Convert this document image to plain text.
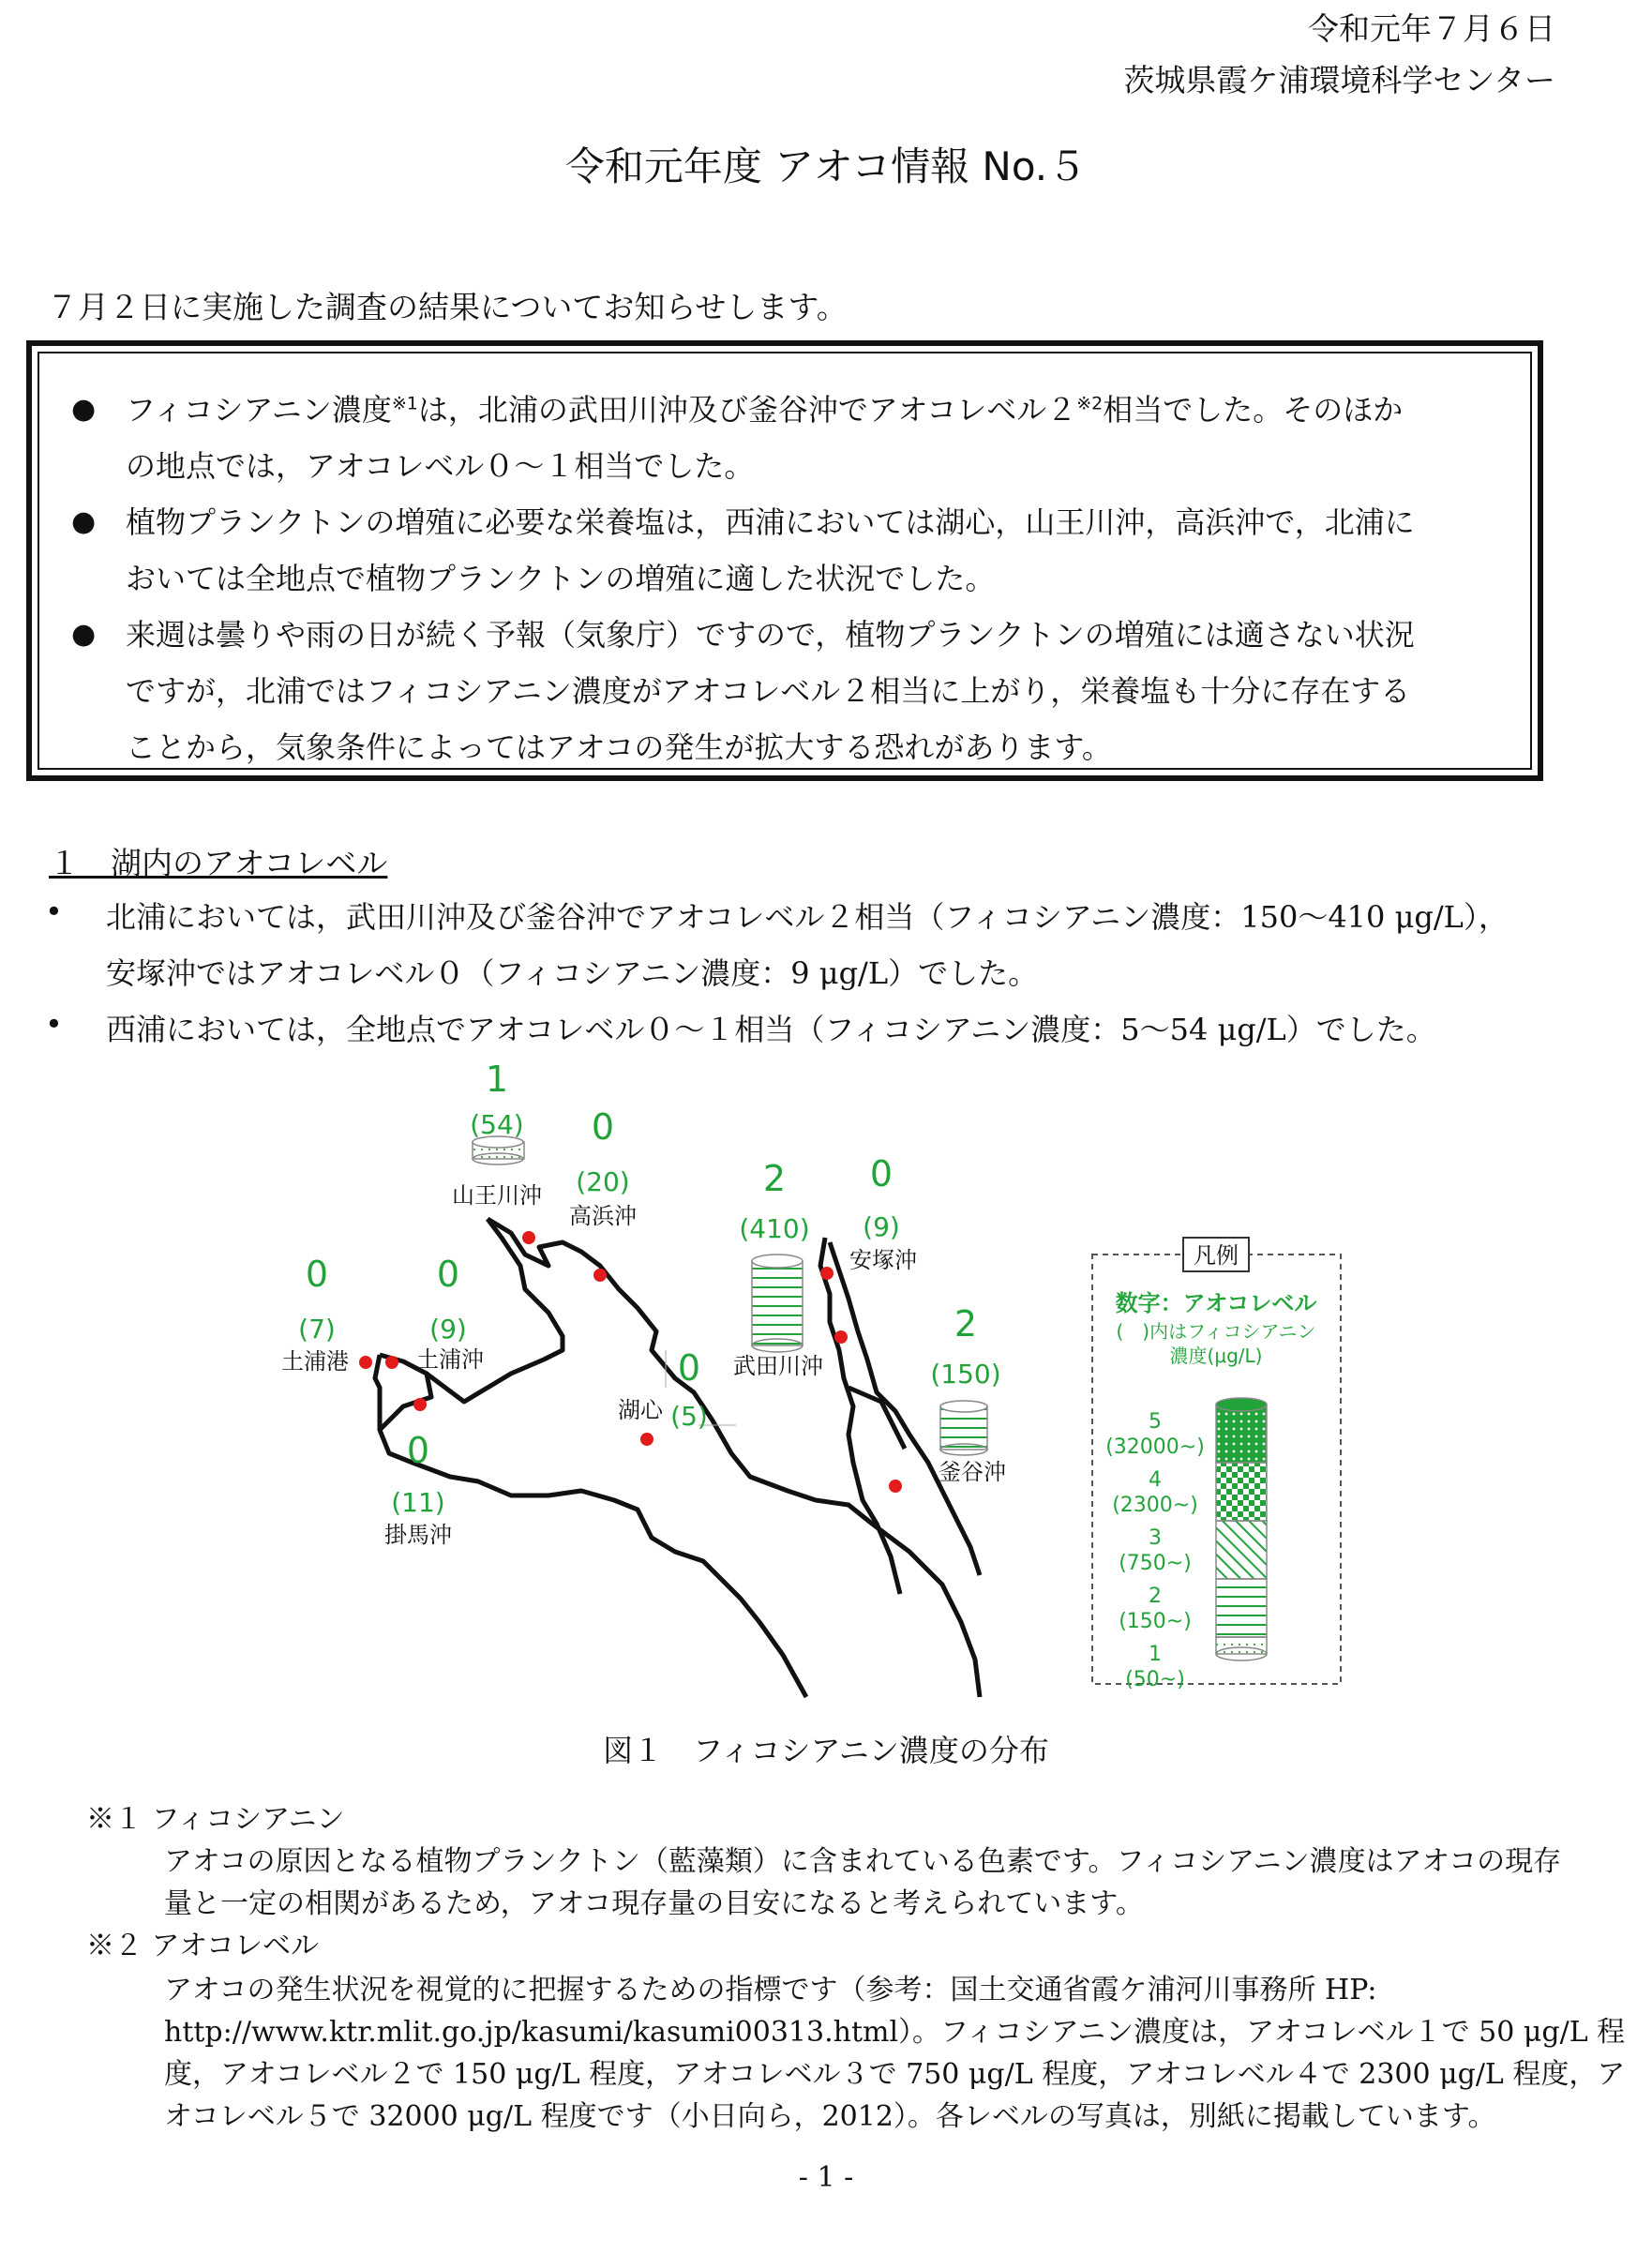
令和元年７月６日
茨城県霞ケ浦環境科学センター
令和元年度 アオコ情報 No.５
７月２日に実施した調査の結果についてお知らせします。
● フィコシアニン濃度$^{※1}$は，北浦の武田川沖及び釜谷沖でアオコレベル２$^{※2}$相当でした。そのほか
の地点では，アオコレベル０～１相当でした。
● 植物プランクトンの増殖に必要な栄養塩は，西浦においては湖心，山王川沖，高浜沖で，北浦に
おいては全地点で植物プランクトンの増殖に適した状況でした。
● 来週は曇りや雨の日が続く予報（気象庁）ですので，植物プランクトンの増殖には適さない状況
ですが，北浦ではフィコシアニン濃度がアオコレベル２相当に上がり，栄養塩も十分に存在する
ことから，気象条件によってはアオコの発生が拡大する恐れがあります。
１　湖内のアオコレベル
•	北浦においては，武田川沖及び釜谷沖でアオコレベル２相当（フィコシアニン濃度：150～410 μg/L），
安塚沖ではアオコレベル０（フィコシアニン濃度：9 μg/L）でした。
•	西浦においては，全地点でアオコレベル０～１相当（フィコシアニン濃度：5～54 μg/L）でした。
1
0
0	0
0
0
2 0
2
(54)
(20)
(7)	(9)
(11)
(5)
(410) (9)
(150)
山王川沖
高浜沖
土浦港	土浦沖
掛馬沖
湖心
武田川沖
安塚沖
釜谷沖
凡例
数字：アオコレベル
(　)内はフィコシアニン
濃度(μg/L)
5
(32000~)
4
(2300~)
3
(750~)
2
(150~)
1
(50~)
図１　フィコシアニン濃度の分布
※１ フィコシアニン
アオコの原因となる植物プランクトン（藍藻類）に含まれている色素です。フィコシアニン濃度はアオコの現存
量と一定の相関があるため，アオコ現存量の目安になると考えられています。
※２ アオコレベル
アオコの発生状況を視覚的に把握するための指標です（参考：国土交通省霞ケ浦河川事務所 HP:
http://www.ktr.mlit.go.jp/kasumi/kasumi00313.html）。フィコシアニン濃度は，アオコレベル１で 50 μg/L 程
度，アオコレベル２で 150 μg/L 程度，アオコレベル３で 750 μg/L 程度，アオコレベル４で 2300 μg/L 程度，ア
オコレベル５で 32000 μg/L 程度です（小日向ら，2012）。各レベルの写真は，別紙に掲載しています。
- 1 -
